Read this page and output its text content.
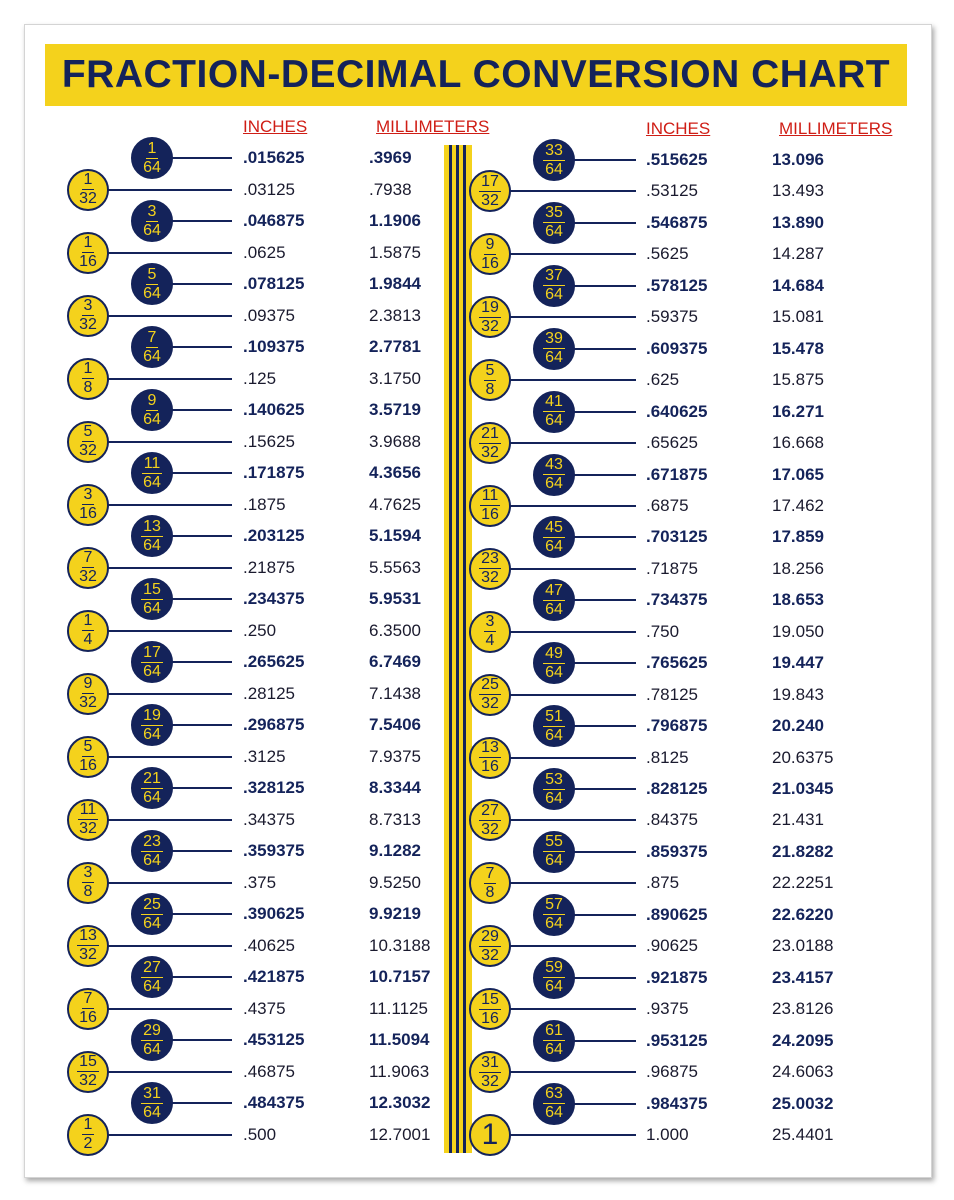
FRACTION-DECIMAL CONVERSION CHART
INCHES	MILLIMETERS	INCHES	MILLIMETERS
$\frac{1}{64}$	.015625	.3969
$\frac{1}{32}$	.03125	.7938
$\frac{3}{64}$	.046875	1.1906
$\frac{1}{16}$	.0625	1.5875
$\frac{5}{64}$	.078125	1.9844
$\frac{3}{32}$	.09375	2.3813
$\frac{7}{64}$	.109375	2.7781
$\frac{1}{8}$	.125	3.1750
$\frac{9}{64}$	.140625	3.5719
$\frac{5}{32}$	.15625	3.9688
$\frac{11}{64}$	.171875	4.3656
$\frac{3}{16}$	.1875	4.7625
$\frac{13}{64}$	.203125	5.1594
$\frac{7}{32}$	.21875	5.5563
$\frac{15}{64}$	.234375	5.9531
$\frac{1}{4}$	.250	6.3500
$\frac{17}{64}$	.265625	6.7469
$\frac{9}{32}$	.28125	7.1438
$\frac{19}{64}$	.296875	7.5406
$\frac{5}{16}$	.3125	7.9375
$\frac{21}{64}$	.328125	8.3344
$\frac{11}{32}$	.34375	8.7313
$\frac{23}{64}$	.359375	9.1282
$\frac{3}{8}$	.375	9.5250
$\frac{25}{64}$	.390625	9.9219
$\frac{13}{32}$	.40625	10.3188
$\frac{27}{64}$	.421875	10.7157
$\frac{7}{16}$	.4375	11.1125
$\frac{29}{64}$	.453125	11.5094
$\frac{15}{32}$	.46875	11.9063
$\frac{31}{64}$	.484375	12.3032
$\frac{1}{2}$	.500	12.7001
$\frac{33}{64}$	.515625	13.096
$\frac{17}{32}$	.53125	13.493
$\frac{35}{64}$	.546875	13.890
$\frac{9}{16}$	.5625	14.287
$\frac{37}{64}$	.578125	14.684
$\frac{19}{32}$	.59375	15.081
$\frac{39}{64}$	.609375	15.478
$\frac{5}{8}$	.625	15.875
$\frac{41}{64}$	.640625	16.271
$\frac{21}{32}$	.65625	16.668
$\frac{43}{64}$	.671875	17.065
$\frac{11}{16}$	.6875	17.462
$\frac{45}{64}$	.703125	17.859
$\frac{23}{32}$	.71875	18.256
$\frac{47}{64}$	.734375	18.653
$\frac{3}{4}$	.750	19.050
$\frac{49}{64}$	.765625	19.447
$\frac{25}{32}$	.78125	19.843
$\frac{51}{64}$	.796875	20.240
$\frac{13}{16}$	.8125	20.6375
$\frac{53}{64}$	.828125	21.0345
$\frac{27}{32}$	.84375	21.431
$\frac{55}{64}$	.859375	21.8282
$\frac{7}{8}$	.875	22.2251
$\frac{57}{64}$	.890625	22.6220
$\frac{29}{32}$	.90625	23.0188
$\frac{59}{64}$	.921875	23.4157
$\frac{15}{16}$	.9375	23.8126
$\frac{61}{64}$	.953125	24.2095
$\frac{31}{32}$	.96875	24.6063
$\frac{63}{64}$	.984375	25.0032
1	1.000	25.4401
